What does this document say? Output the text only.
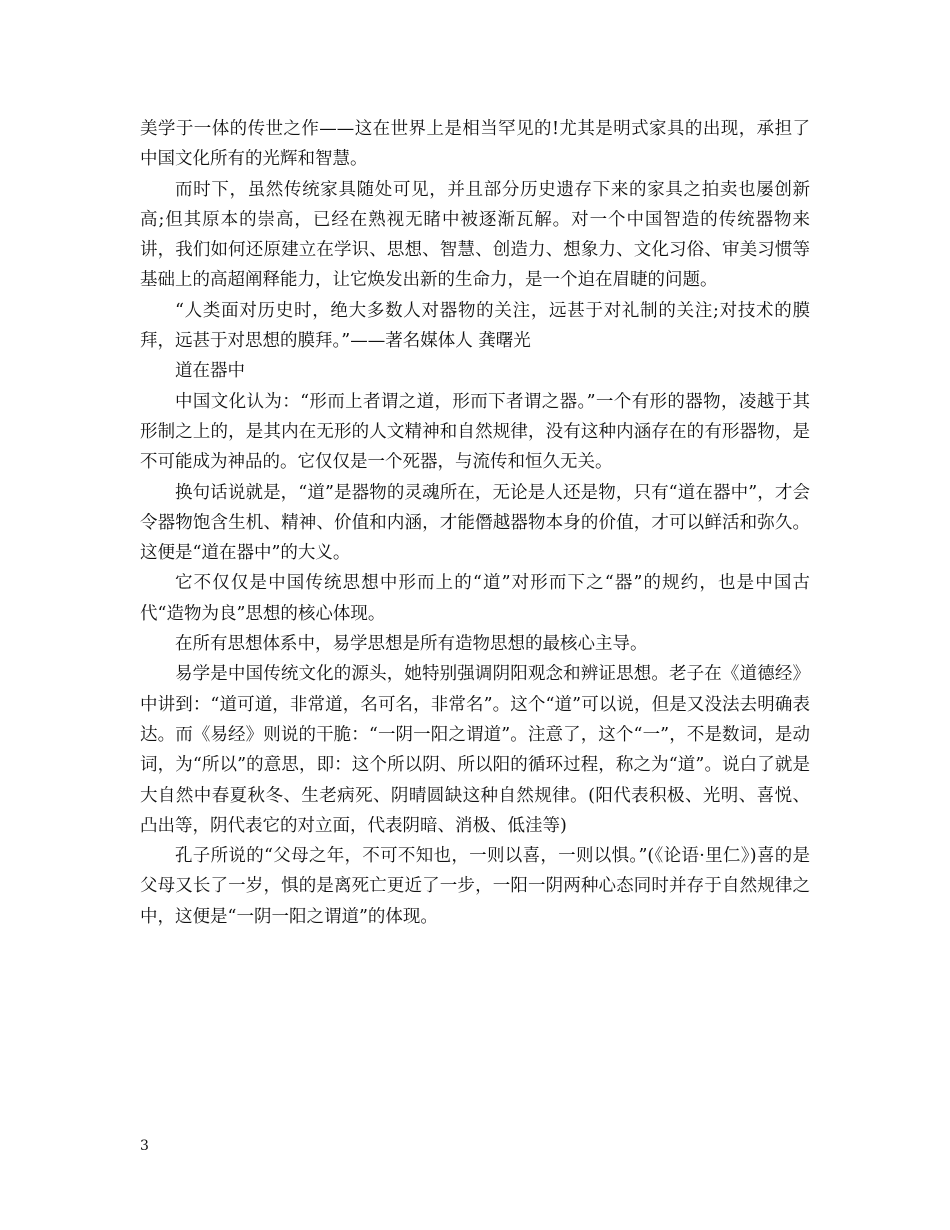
美学于一体的传世之作——这在世界上是相当罕见的!尤其是明式家具的出现，承担了中国文化所有的光辉和智慧。

而时下，虽然传统家具随处可见，并且部分历史遗存下来的家具之拍卖也屡创新高;但其原本的崇高，已经在熟视无睹中被逐渐瓦解。对一个中国智造的传统器物来讲，我们如何还原建立在学识、思想、智慧、创造力、想象力、文化习俗、审美习惯等基础上的高超阐释能力，让它焕发出新的生命力，是一个迫在眉睫的问题。

“人类面对历史时，绝大多数人对器物的关注，远甚于对礼制的关注;对技术的膜拜，远甚于对思想的膜拜。”——著名媒体人 龚曙光

道在器中

中国文化认为：“形而上者谓之道，形而下者谓之器。”一个有形的器物，凌越于其形制之上的，是其内在无形的人文精神和自然规律，没有这种内涵存在的有形器物，是不可能成为神品的。它仅仅是一个死器，与流传和恒久无关。

换句话说就是，“道”是器物的灵魂所在，无论是人还是物，只有“道在器中”，才会令器物饱含生机、精神、价值和内涵，才能僭越器物本身的价值，才可以鲜活和弥久。这便是“道在器中”的大义。

它不仅仅是中国传统思想中形而上的“道”对形而下之“器”的规约，也是中国古代“造物为良”思想的核心体现。

在所有思想体系中，易学思想是所有造物思想的最核心主导。

易学是中国传统文化的源头，她特别强调阴阳观念和辨证思想。老子在《道德经》中讲到：“道可道，非常道，名可名，非常名”。这个“道”可以说，但是又没法去明确表达。而《易经》则说的干脆：“一阴一阳之谓道”。注意了，这个“一”，不是数词，是动词，为“所以”的意思，即：这个所以阴、所以阳的循环过程，称之为“道”。说白了就是大自然中春夏秋冬、生老病死、阴晴圆缺这种自然规律。(阳代表积极、光明、喜悦、凸出等，阴代表它的对立面，代表阴暗、消极、低洼等)

孔子所说的“父母之年，不可不知也，一则以喜，一则以惧。”(《论语·里仁》)喜的是父母又长了一岁，惧的是离死亡更近了一步，一阳一阴两种心态同时并存于自然规律之中，这便是“一阴一阳之谓道”的体现。

3
